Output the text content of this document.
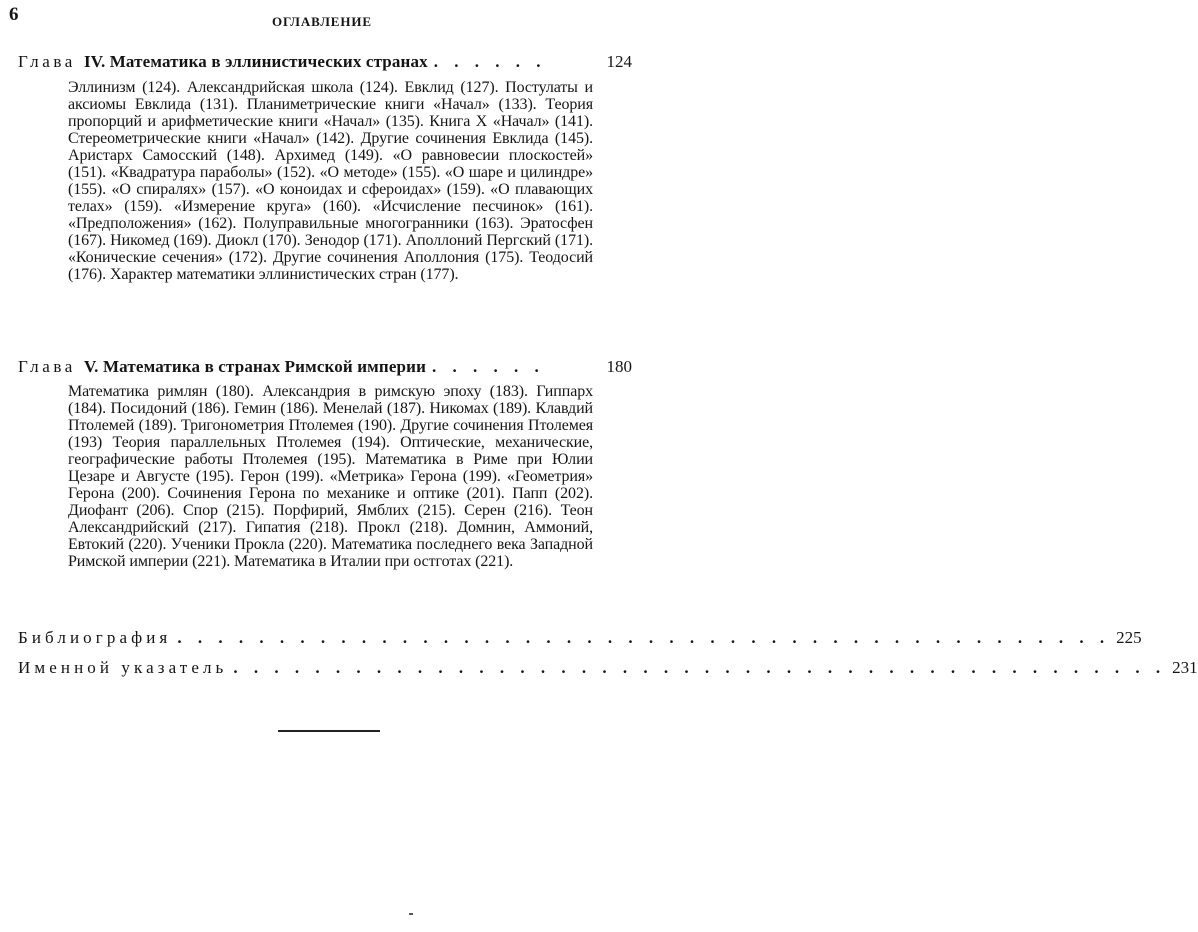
6	ОГЛАВЛЕНИЕ
Глава IV. Математика в эллинистических странах . . . . . .	124

Эллинизм (124). Александрийская школа (124). Евклид (127). Постулаты и аксиомы Евклида (131). Планиметрические книги «Начал» (133). Теория пропорций и арифметические книги «Начал» (135). Книга X «Начал» (141). Стереометрические книги «Начал» (142). Другие сочинения Евклида (145). Аристарх Самосский (148). Архимед (149). «О равновесии плоскостей» (151). «Квадратура параболы» (152). «О методе» (155). «О шаре и цилиндре» (155). «О спиралях» (157). «О коноидах и сфероидах» (159). «О плавающих телах» (159). «Измерение круга» (160). «Исчисление песчинок» (161). «Предположения» (162). Полуправильные многогранники (163). Эратосфен (167). Никомед (169). Диокл (170). Зенодор (171). Аполлоний Пергский (171). «Конические сечения» (172). Другие сочинения Аполлония (175). Теодосий (176). Характер математики эллинистических стран (177).

Глава V. Математика в странах Римской империи . . . . . .	180

Математика римлян (180). Александрия в римскую эпоху (183). Гиппарх (184). Посидоний (186). Гемин (186). Менелай (187). Никомах (189). Клавдий Птолемей (189). Тригонометрия Птолемея (190). Другие сочинения Птолемея (193) Теория параллельных Птолемея (194). Оптические, механические, географические работы Птолемея (195). Математика в Риме при Юлии Цезаре и Августе (195). Герон (199). «Метрика» Герона (199). «Геометрия» Герона (200). Сочинения Герона по механике и оптике (201). Папп (202). Диофант (206). Спор (215). Порфирий, Ямблих (215). Серен (216). Теон Александрийский (217). Гипатия (218). Прокл (218). Домнин, Аммоний, Евтокий (220). Ученики Прокла (220). Математика последнего века Западной Римской империи (221). Математика в Италии при остготах (221).

Библиография . . . . . . . . . . . . . . . . . . . . . . . . . . . . . . . . . . . . . . . . . . . . . . 225
Именной указатель . . . . . . . . . . . . . . . . . . . . . . . . . . . . . . . . . . . . . . . . . . . . . . 231
